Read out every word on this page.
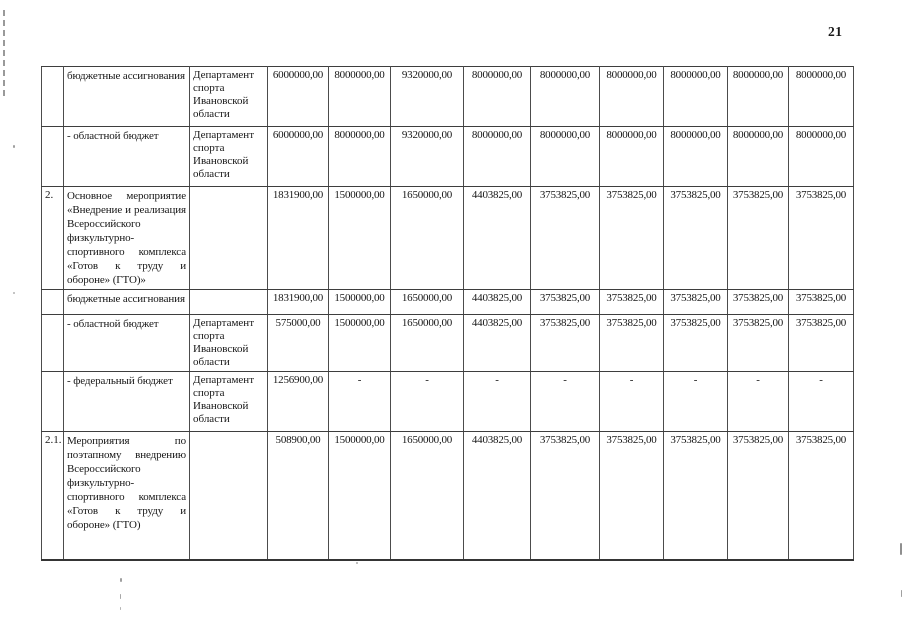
21
	бюджетные ассигнования	Департамент спорта Ивановской области	6000000,00	8000000,00	9320000,00	8000000,00	8000000,00	8000000,00	8000000,00	8000000,00	8000000,00
	- областной бюджет	Департамент спорта Ивановской области	6000000,00	8000000,00	9320000,00	8000000,00	8000000,00	8000000,00	8000000,00	8000000,00	8000000,00
2.	Основное мероприятие «Внедрение и реализация Всероссийского физкультурно-спортивного комплекса «Готов к труду и обороне» (ГТО)»		1831900,00	1500000,00	1650000,00	4403825,00	3753825,00	3753825,00	3753825,00	3753825,00	3753825,00
	бюджетные ассигнования		1831900,00	1500000,00	1650000,00	4403825,00	3753825,00	3753825,00	3753825,00	3753825,00	3753825,00
	- областной бюджет	Департамент спорта Ивановской области	575000,00	1500000,00	1650000,00	4403825,00	3753825,00	3753825,00	3753825,00	3753825,00	3753825,00
	- федеральный бюджет	Департамент спорта Ивановской области	1256900,00	-	-	-	-	-	-	-	-
2.1.	Мероприятия по поэтапному внедрению Всероссийского физкультурно-спортивного комплекса «Готов к труду и обороне» (ГТО)		508900,00	1500000,00	1650000,00	4403825,00	3753825,00	3753825,00	3753825,00	3753825,00	3753825,00
